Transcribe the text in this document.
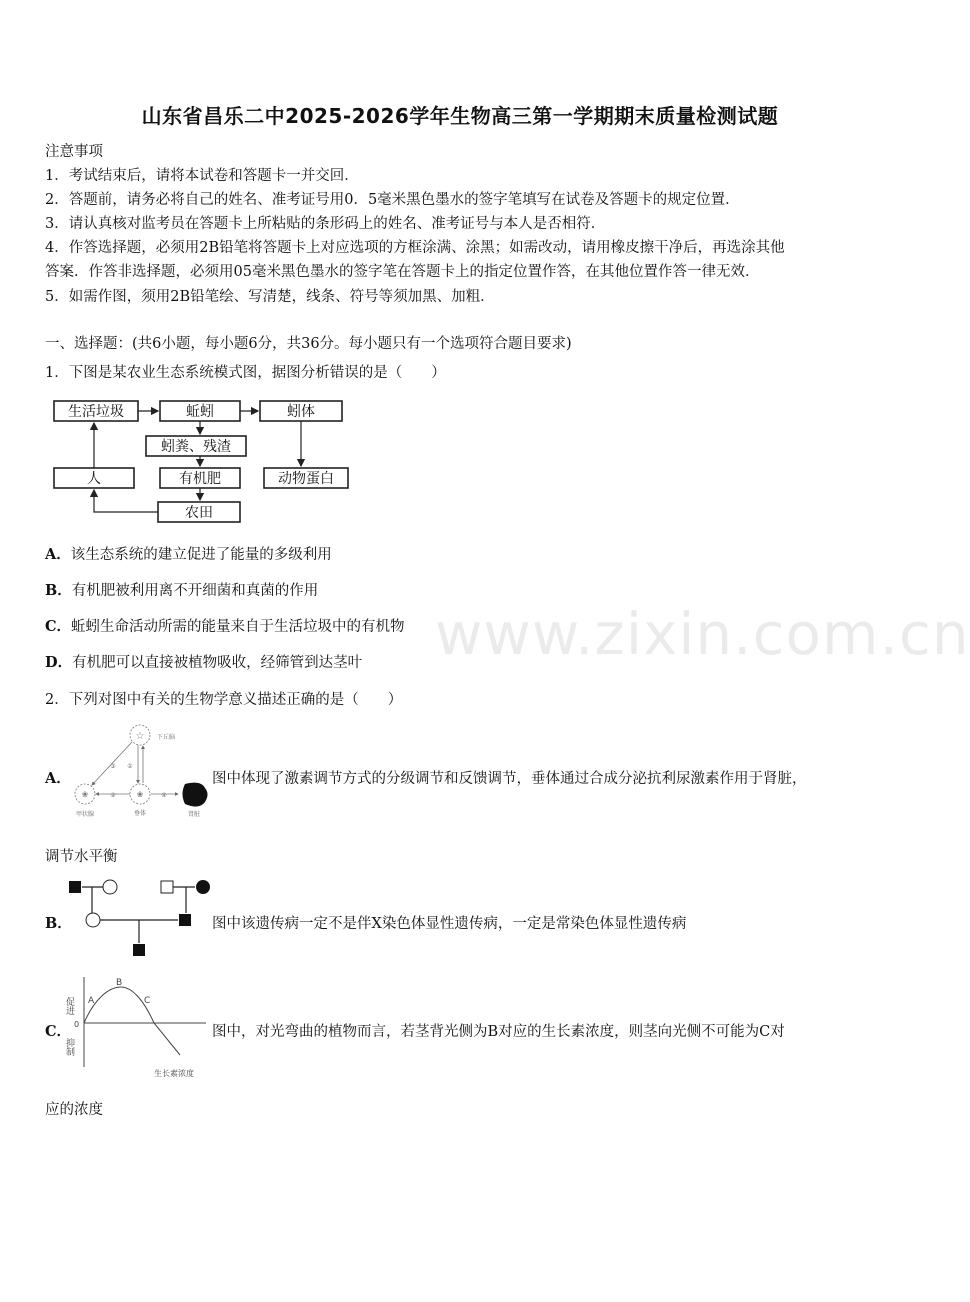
山东省昌乐二中2025-2026学年生物高三第一学期期末质量检测试题
注意事项
1．考试结束后，请将本试卷和答题卡一并交回．
2．答题前，请务必将自己的姓名、准考证号用0．5毫米黑色墨水的签字笔填写在试卷及答题卡的规定位置．
3．请认真核对监考员在答题卡上所粘贴的条形码上的姓名、准考证号与本人是否相符．
4．作答选择题，必须用2B铅笔将答题卡上对应选项的方框涂满、涂黑；如需改动，请用橡皮擦干净后，再选涂其他
答案．作答非选择题，必须用05毫米黑色墨水的签字笔在答题卡上的指定位置作答，在其他位置作答一律无效．
5．如需作图，须用2B铅笔绘、写清楚，线条、符号等须加黑、加粗．
一、选择题：(共6小题，每小题6分，共36分。每小题只有一个选项符合题目要求)
1．下图是某农业生态系统模式图，据图分析错误的是（　　）
生活垃圾	蚯蚓	蚓体
蚓粪、残渣
有机肥	动物蛋白
人
农田
A．该生态系统的建立促进了能量的多级利用
B．有机肥被利用离不开细菌和真菌的作用
C．蚯蚓生命活动所需的能量来自于生活垃圾中的有机物
D．有机肥可以直接被植物吸收，经筛管到达茎叶 www.zixin.com.cn
2．下列对图中有关的生物学意义描述正确的是（　　）
A．
☆
❀	❀
下丘脑
甲状腺	垂体	肾脏
③ ①
②	④
图中体现了激素调节方式的分级调节和反馈调节，垂体通过合成分泌抗利尿激素作用于肾脏，
调节水平衡
B．	图中该遗传病一定不是伴X染色体显性遗传病，一定是常染色体显性遗传病
C．
促进
抑制
0
A
B
C
生长素浓度
图中，对光弯曲的植物而言，若茎背光侧为B对应的生长素浓度，则茎向光侧不可能为C对
应的浓度
